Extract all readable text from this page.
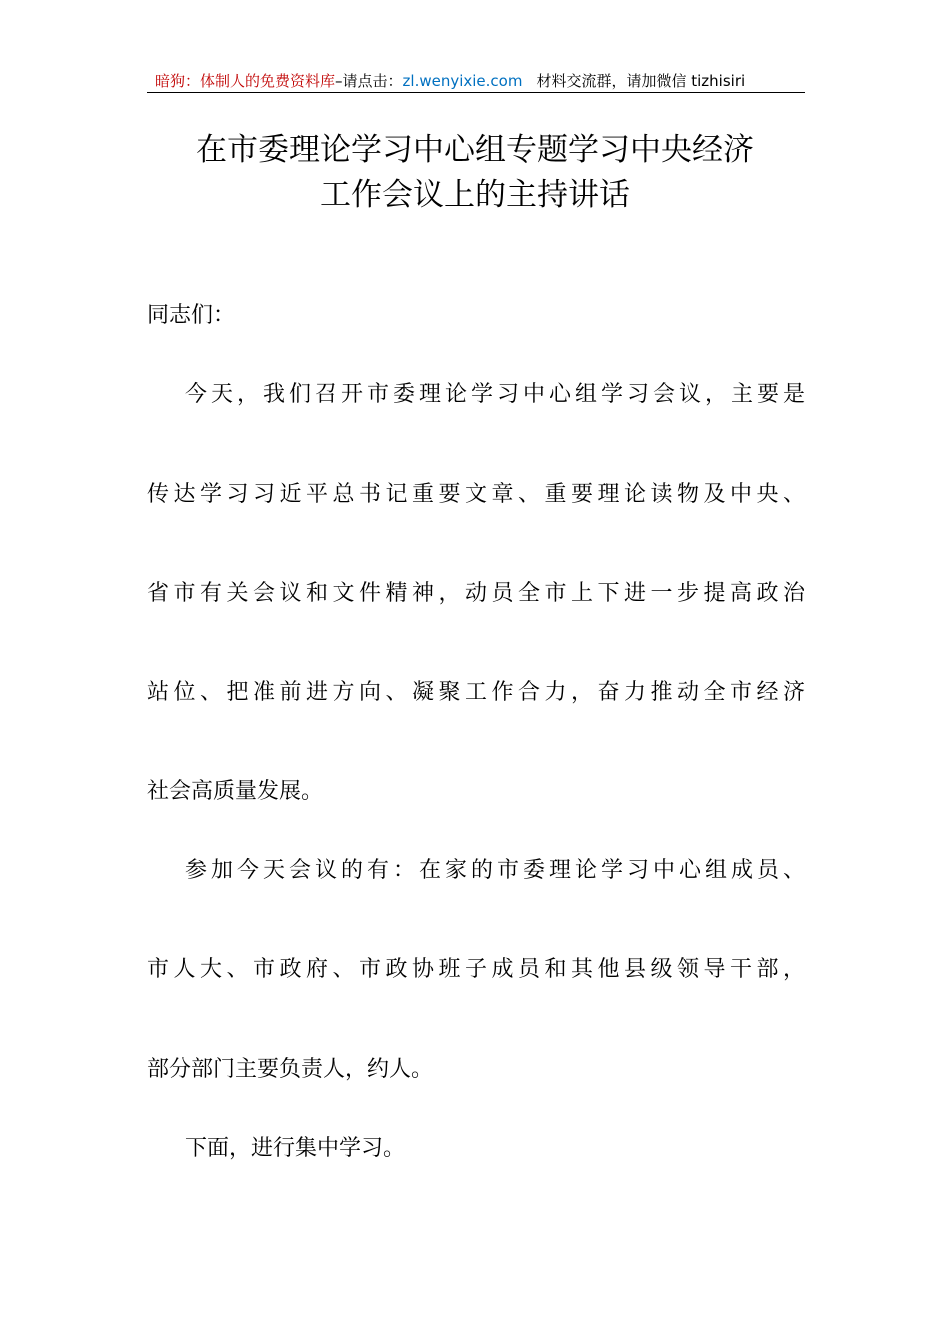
暗狗：体制人的免费资料库–请点击：zl.wenyixie.com 材料交流群，请加微信 tizhisiri
在市委理论学习中心组专题学习中央经济
工作会议上的主持讲话
同志们：
今天，我们召开市委理论学习中心组学习会议，主要是
传达学习习近平总书记重要文章、重要理论读物及中央、
省市有关会议和文件精神，动员全市上下进一步提高政治
站位、把准前进方向、凝聚工作合力，奋力推动全市经济
社会高质量发展。
参加今天会议的有：在家的市委理论学习中心组成员、
市人大、市政府、市政协班子成员和其他县级领导干部，
部分部门主要负责人，约人。
下面，进行集中学习。
